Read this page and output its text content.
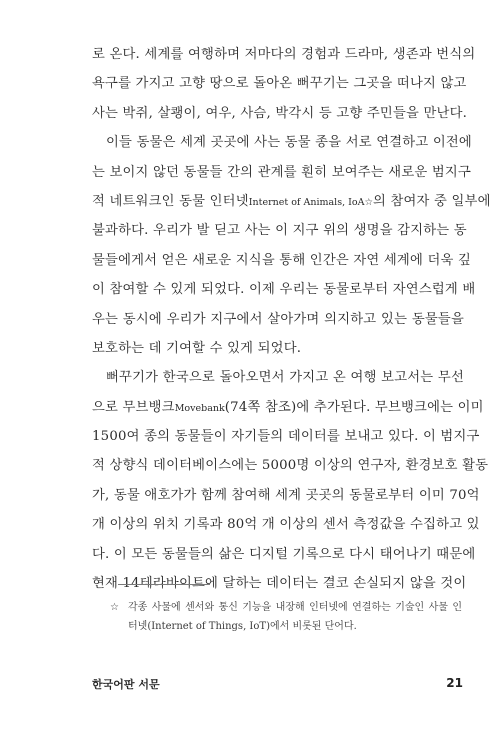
로 온다. 세계를 여행하며 저마다의 경험과 드라마, 생존과 번식의
욕구를 가지고 고향 땅으로 돌아온 뻐꾸기는 그곳을 떠나지 않고
사는 박쥐, 살쾡이, 여우, 사슴, 박각시 등 고향 주민들을 만난다.
이들 동물은 세계 곳곳에 사는 동물 종을 서로 연결하고 이전에
는 보이지 않던 동물들 간의 관계를 훤히 보여주는 새로운 범지구
적 네트워크인 동물 인터넷Internet of Animals, IoA☆의 참여자 중 일부에
불과하다. 우리가 발 딛고 사는 이 지구 위의 생명을 감지하는 동
물들에게서 얻은 새로운 지식을 통해 인간은 자연 세계에 더욱 깊
이 참여할 수 있게 되었다. 이제 우리는 동물로부터 자연스럽게 배
우는 동시에 우리가 지구에서 살아가며 의지하고 있는 동물들을
보호하는 데 기여할 수 있게 되었다.
뻐꾸기가 한국으로 돌아오면서 가지고 온 여행 보고서는 무선
으로 무브뱅크Movebank(74쪽 참조)에 추가된다. 무브뱅크에는 이미
1500여 종의 동물들이 자기들의 데이터를 보내고 있다. 이 범지구
적 상향식 데이터베이스에는 5000명 이상의 연구자, 환경보호 활동
가, 동물 애호가가 함께 참여해 세계 곳곳의 동물로부터 이미 70억
개 이상의 위치 기록과 80억 개 이상의 센서 측정값을 수집하고 있
다. 이 모든 동물들의 삶은 디지털 기록으로 다시 태어나기 때문에
현재 14테라바이트에 달하는 데이터는 결코 손실되지 않을 것이
☆ 각종 사물에 센서와 통신 기능을 내장해 인터넷에 연결하는 기술인 사물 인
터넷(Internet of Things, IoT)에서 비롯된 단어다.
한국어판 서문	21
